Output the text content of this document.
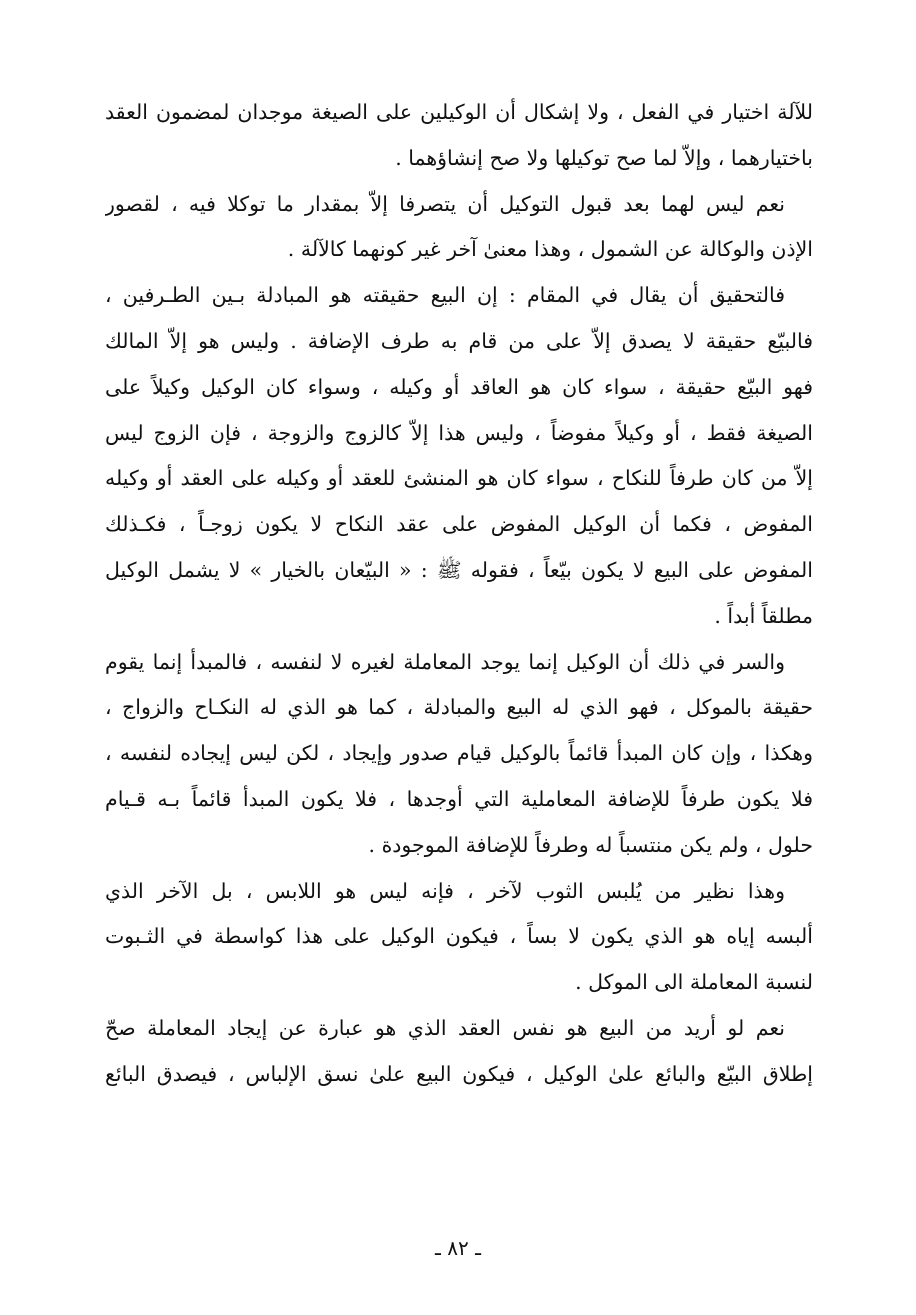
للآلة اختيار في الفعل ، ولا إشكال أن الوكيلين على الصيغة موجدان لمضمون العقد
باختيارهما ، وإلاّ لما صح توكيلها ولا صح إنشاؤهما .
نعم ليس لهما بعد قبول التوكيل أن يتصرفا إلاّ بمقدار ما توكلا فيه ، لقصور
الإذن والوكالة عن الشمول ، وهذا معنىٰ آخر غير كونهما كالآلة .
فالتحقيق أن يقال في المقام : إن البيع حقيقته هو المبادلة بـين الطـرفين ،
فالبيّع حقيقة لا يصدق إلاّ على من قام به طرف الإضافة . وليس هو إلاّ المالك
فهو البيّع حقيقة ، سواء كان هو العاقد أو وكيله ، وسواء كان الوكيل وكيلاً على
الصيغة فقط ، أو وكيلاً مفوضاً ، وليس هذا إلاّ كالزوج والزوجة ، فإن الزوج ليس
إلاّ من كان طرفاً للنكاح ، سواء كان هو المنشئ للعقد أو وكيله على العقد أو وكيله
المفوض ، فكما أن الوكيل المفوض على عقد النكاح لا يكون زوجـاً ، فكـذلك
المفوض على البيع لا يكون بيّعاً ، فقوله ﷺ : « البيّعان بالخيار » لا يشمل الوكيل
مطلقاً أبداً .
والسر في ذلك أن الوكيل إنما يوجد المعاملة لغيره لا لنفسه ، فالمبدأ إنما يقوم
حقيقة بالموكل ، فهو الذي له البيع والمبادلة ، كما هو الذي له النكـاح والزواج ،
وهكذا ، وإن كان المبدأ قائماً بالوكيل قيام صدور وإيجاد ، لكن ليس إيجاده لنفسه ،
فلا يكون طرفاً للإضافة المعاملية التي أوجدها ، فلا يكون المبدأ قائماً بـه قـيام
حلول ، ولم يكن منتسباً له وطرفاً للإضافة الموجودة .
وهذا نظير من يُلبس الثوب لآخر ، فإنه ليس هو اللابس ، بل الآخر الذي
ألبسه إياه هو الذي يكون لا بساً ، فيكون الوكيل على هذا كواسطة في الثـبوت
لنسبة المعاملة الى الموكل .
نعم لو أريد من البيع هو نفس العقد الذي هو عبارة عن إيجاد المعاملة صحّ
إطلاق البيّع والبائع علىٰ الوكيل ، فيكون البيع علىٰ نسق الإلباس ، فيصدق البائع
ـ ٨٢ ـ
